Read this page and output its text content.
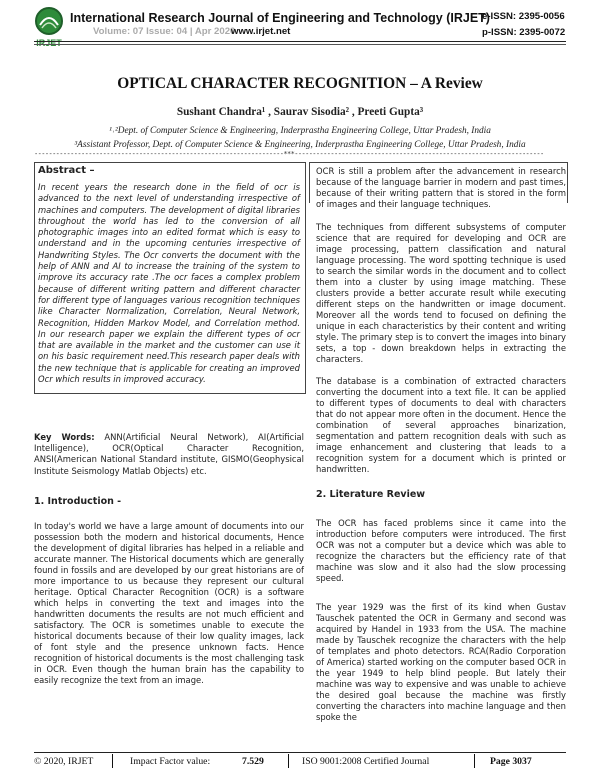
IRJET
International Research Journal of Engineering and Technology (IRJET)
Volume: 07 Issue: 04 | Apr 2020
www.irjet.net
e-ISSN: 2395-0056
p-ISSN: 2395-0072
OPTICAL CHARACTER RECOGNITION – A Review
Sushant Chandra¹ , Saurav Sisodia² , Preeti Gupta³
¹˒²Dept. of Computer Science & Engineering, Inderprastha Engineering College, Uttar Pradesh, India
³Assistant Professor, Dept. of Computer Science & Engineering, Inderprastha Engineering College, Uttar Pradesh, India
---------------------------------------------------------------------***---------------------------------------------------------------------
Abstract –

In recent years the research done in the field of ocr is advanced to the next level of understanding irrespective of machines and computers. The development of digital libraries throughout the world has led to the conversion of all photographic images into an edited format which is easy to understand and in the upcoming centuries irrespective of Handwriting Styles. The Ocr converts the document with the help of ANN and AI to increase the training of the system to improve its accuracy rate .The ocr faces a complex problem because of different writing pattern and different character for different type of languages various recognition techniques like Character Normalization, Correlation, Neural Network, Recognition, Hidden Markov Model, and Correlation method. In our research paper we explain the different types of ocr that are available in the market and the customer can use it on his basic requirement need.This research paper deals with the new technique that is applicable for creating an improved Ocr which results in improved accuracy.

Key Words: ANN(Artificial Neural Network), AI(Artificial Intelligence), OCR(Optical Character Recognition, ANSI(American National Standard institute, GISMO(Geophysical Institute Seismology Matlab Objects) etc.

1. Introduction -

In today's world we have a large amount of documents into our possession both the modern and historical documents, Hence the development of digital libraries has helped in a reliable and accurate manner. The Historical documents which are generally found in fossils and are developed by our great historians are of more importance to us because they represent our cultural heritage. Optical Character Recognition (OCR) is a software which helps in converting the text and images into the handwritten documents the results are not much efficient and satisfactory. The OCR is sometimes unable to execute the historical documents because of their low quality images, lack of font style and the presence unknown facts. Hence recognition of historical documents is the most challenging task in OCR. Even though the human brain has the capability to easily recognize the text from an image.

OCR is still a problem after the advancement in research because of the language barrier in modern and past times, because of their writing pattern that is stored in the form of images and their language techniques.

The techniques from different subsystems of computer science that are required for developing and OCR are image processing, pattern classification and natural language processing. The word spotting technique is used to search the similar words in the document and to collect them into a cluster by using image matching. These clusters provide a better accurate result while executing different steps on the handwritten or image document. Moreover all the words tend to focused on defining the unique in each characteristics by their content and writing style. The primary step is to convert the images into binary sets, a top - down breakdown helps in extracting the characters.

The database is a combination of extracted characters converting the document into a text file. It can be applied to different types of documents to deal with characters that do not appear more often in the document. Hence the combination of several approaches binarization, segmentation and pattern recognition deals with such as image enhancement and clustering that leads to a recognition system for a document which is printed or handwritten.

2. Literature Review

The OCR has faced problems since it came into the introduction before computers were introduced. The first OCR was not a computer but a device which was able to recognize the characters but the efficiency rate of that machine was slow and it also had the slow processing speed.

The year 1929 was the first of its kind when Gustav Tauschek patented the OCR in Germany and second was acquired by Handel in 1933 from the USA. The machine made by Tauschek recognize the characters with the help of templates and photo detectors. RCA(Radio Corporation of America) started working on the computer based OCR in the year 1949 to help blind people. But lately their machine was way to expensive and was unable to achieve the desired goal because the machine was firstly converting the characters into machine language and then spoke the

© 2020, IRJET	Impact Factor value:	7.529	ISO 9001:2008 Certified Journal	Page 3037
